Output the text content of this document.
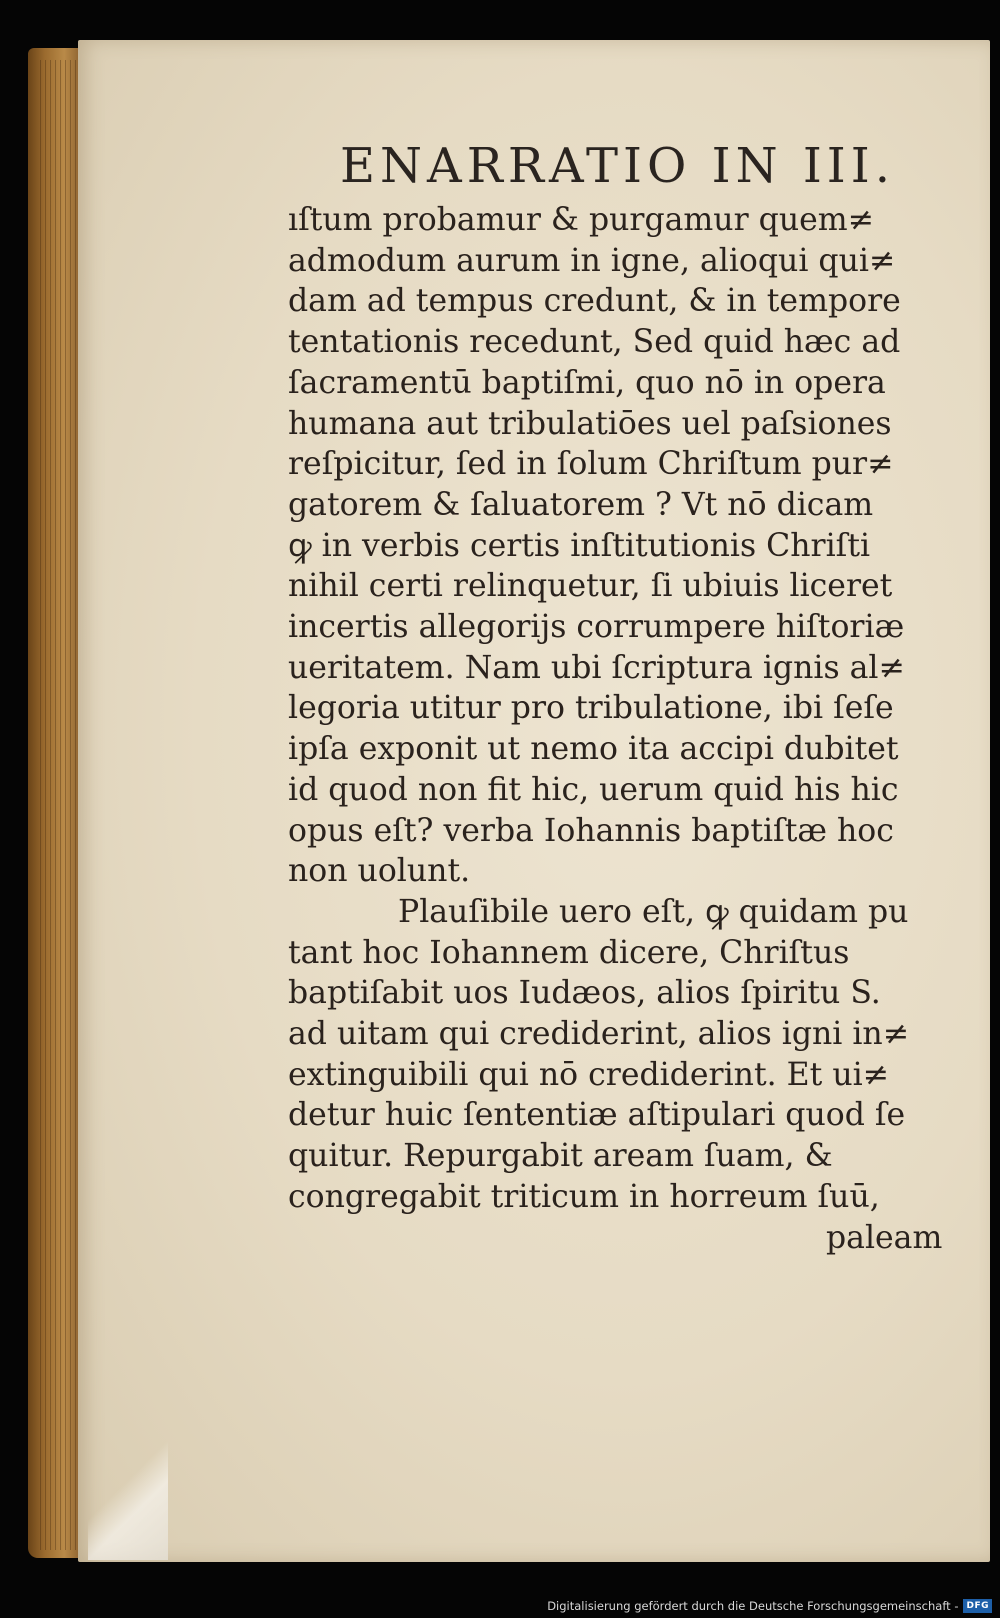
ENARRATIO IN III.
ıſtum probamur & purgamur quem≠
admodum aurum in igne, alioqui qui≠
dam ad tempus credunt, & in tempore
tentationis recedunt, Sed quid hæc ad
ſacramentū baptiſmi, quo nō in opera
humana aut tribulatiōes uel paſsiones
reſpicitur, ſed in ſolum Chriſtum pur≠
gatorem & ſaluatorem ? Vt nō dicam
ꝙ in verbis certis inſtitutionis Chriſti
nihil certi relinquetur, ſi ubiuis liceret
incertis allegorijs corrumpere hiſtoriæ
ueritatem. Nam ubi ſcriptura ignis al≠
legoria utitur pro tribulatione, ibi ſeſe
ipſa exponit ut nemo ita accipi dubitet
id quod non fit hic, uerum quid his hic
opus eſt? verba Iohannis baptiſtæ hoc
non uolunt.
Plauſibile uero eſt, ꝙ quidam pu
tant hoc Iohannem dicere, Chriſtus
baptiſabit uos Iudæos, alios ſpiritu S.
ad uitam qui crediderint, alios igni in≠
extinguibili qui nō crediderint. Et ui≠
detur huic ſententiæ aſtipulari quod ſe
quitur. Repurgabit aream ſuam, &
congregabit triticum in horreum ſuū,
paleam
Digitalisierung gefördert durch die Deutsche Forschungsgemeinschaft - DFG
